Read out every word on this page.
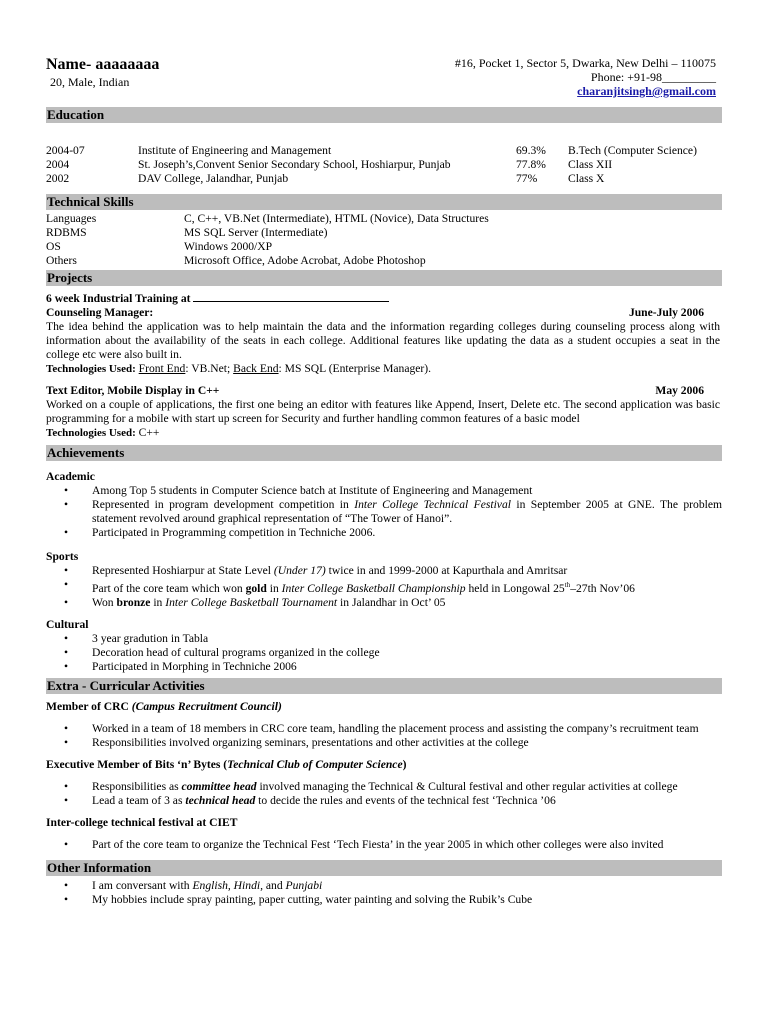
Name- aaaaaaaa
20, Male, Indian
#16, Pocket 1, Sector 5, Dwarka, New Delhi – 110075
Phone: +91-98_________
charanjitsingh@gmail.com
Education
2004-07	Institute of Engineering and Management	69.3%	B.Tech (Computer Science)
2004	St. Joseph’s,Convent Senior Secondary School, Hoshiarpur, Punjab	77.8%	Class XII
2002	DAV College, Jalandhar, Punjab	77%	Class X
Technical Skills
Languages	C, C++, VB.Net (Intermediate), HTML (Novice), Data Structures
RDBMS	MS SQL Server (Intermediate)
OS	Windows 2000/XP
Others	Microsoft Office, Adobe Acrobat, Adobe Photoshop
Projects
6 week Industrial Training at
Counseling Manager:	June-July 2006
The idea behind the application was to help maintain the data and the information regarding colleges during counseling process along with information about the availability of the seats in each college. Additional features like updating the data as a student occupies a seat in the college etc were also built in.
Technologies Used: Front End: VB.Net; Back End: MS SQL (Enterprise Manager).
Text Editor, Mobile Display in C++	May 2006
Worked on a couple of applications, the first one being an editor with features like Append, Insert, Delete etc. The second application was basic programming for a mobile with start up screen for Security and further handling common features of a basic model
Technologies Used: C++
Achievements
Academic
• Among Top 5 students in Computer Science batch at Institute of Engineering and Management
• Represented in program development competition in Inter College Technical Festival in September 2005 at GNE. The problem statement revolved around graphical representation of “The Tower of Hanoi”.
• Participated in Programming competition in Techniche 2006.
Sports
• Represented Hoshiarpur at State Level (Under 17) twice in and 1999-2000 at Kapurthala and Amritsar
• Part of the core team which won gold in Inter College Basketball Championship held in Longowal 25th–27th Nov’06
• Won bronze in Inter College Basketball Tournament in Jalandhar in Oct’ 05
Cultural
• 3 year gradution in Tabla
• Decoration head of cultural programs organized in the college
• Participated in Morphing in Techniche 2006
Extra - Curricular Activities
Member of CRC (Campus Recruitment Council)
• Worked in a team of 18 members in CRC core team, handling the placement process and assisting the company’s recruitment team
• Responsibilities involved organizing seminars, presentations and other activities at the college
Executive Member of Bits ‘n’ Bytes (Technical Club of Computer Science)
• Responsibilities as committee head involved managing the Technical & Cultural festival and other regular activities at college
• Lead a team of 3 as technical head to decide the rules and events of the technical fest ‘Technica ’06
Inter-college technical festival at CIET
• Part of the core team to organize the Technical Fest ‘Tech Fiesta’ in the year 2005 in which other colleges were also invited
Other Information
• I am conversant with English, Hindi, and Punjabi
• My hobbies include spray painting, paper cutting, water painting and solving the Rubik’s Cube
